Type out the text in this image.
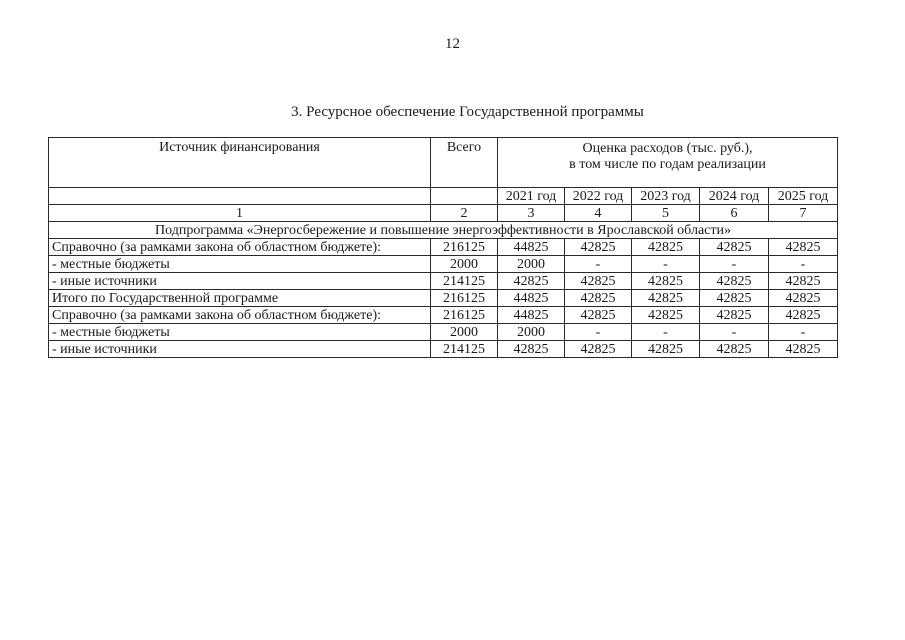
12
3. Ресурсное обеспечение Государственной программы
Источник финансирования	Всего	Оценка расходов (тыс. руб.),
в том числе по годам реализации				

		2021 год	2022 год	2023 год	2024 год	2025 год
1	2	3	4	5	6	7
Подпрограмма «Энергосбережение и повышение энергоэффективности в Ярославской области»						
Справочно (за рамками закона об областном бюджете):	216125	44825	42825	42825	42825	42825
- местные бюджеты	2000	2000	-	-	-	-
- иные источники	214125	42825	42825	42825	42825	42825
Итого по Государственной программе	216125	44825	42825	42825	42825	42825
Справочно (за рамками закона об областном бюджете):	216125	44825	42825	42825	42825	42825
- местные бюджеты	2000	2000	-	-	-	-
- иные источники	214125	42825	42825	42825	42825	42825
